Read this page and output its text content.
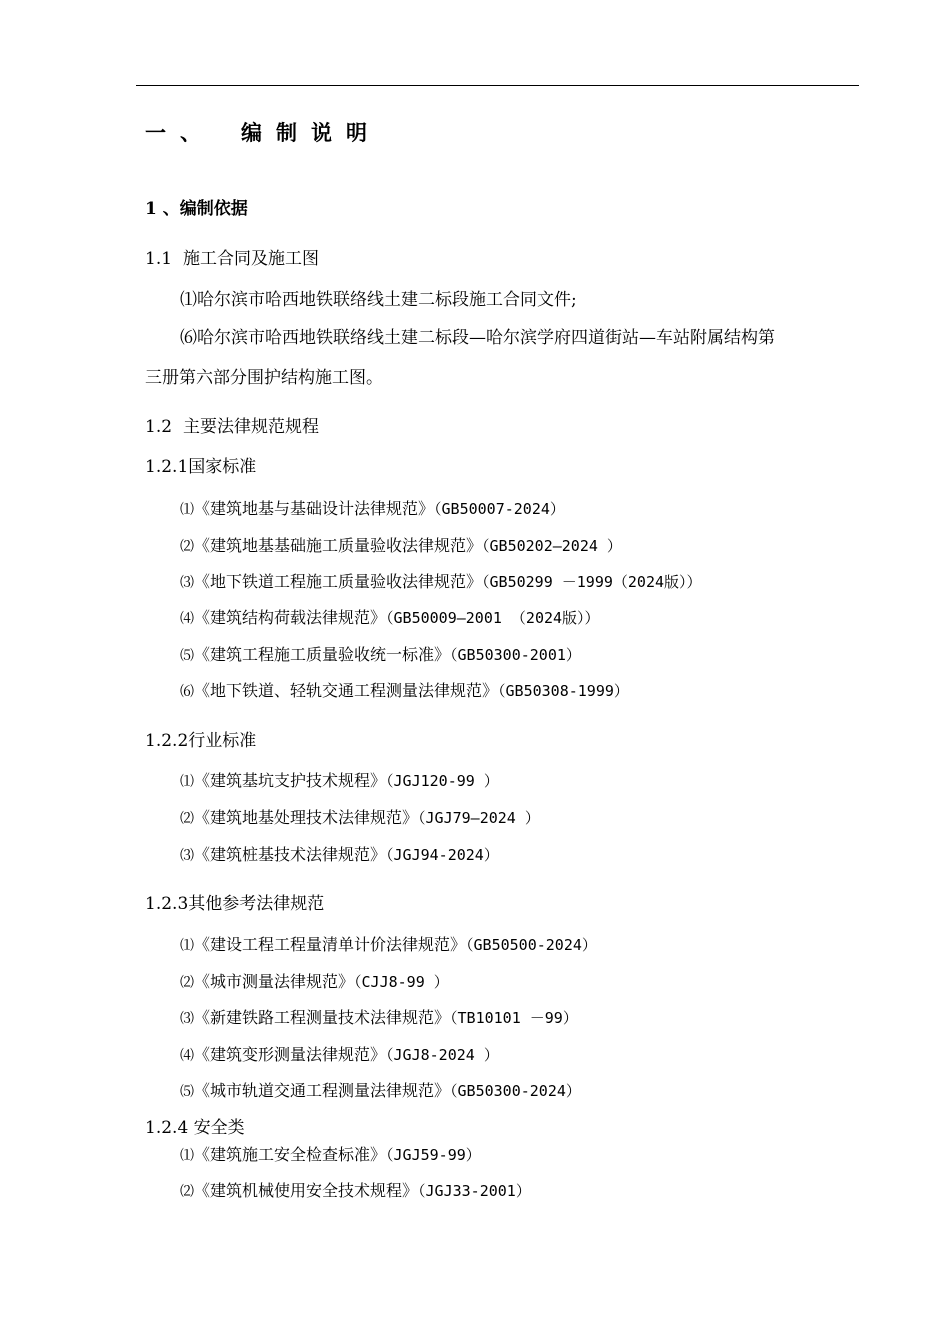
一、 编制说明
1 、编制依据
1.1 施工合同及施工图
⑴哈尔滨市哈西地铁联络线土建二标段施工合同文件;
⑹哈尔滨市哈西地铁联络线土建二标段—哈尔滨学府四道街站—车站附属结构第
三册第六部分围护结构施工图。
1.2 主要法律规范规程
1.2.1国家标准
⑴《建筑地基与基础设计法律规范》（GB50007-2024）
⑵《建筑地基基础施工质量验收法律规范》（GB50202—2024 ）
⑶《地下铁道工程施工质量验收法律规范》（GB50299 －1999（2024版））
⑷《建筑结构荷载法律规范》（GB50009—2001 （2024版））
⑸《建筑工程施工质量验收统一标准》（GB50300-2001）
⑹《地下铁道、轻轨交通工程测量法律规范》（GB50308-1999）
1.2.2行业标准
⑴《建筑基坑支护技术规程》（JGJ120-99 ）
⑵《建筑地基处理技术法律规范》（JGJ79—2024 ）
⑶《建筑桩基技术法律规范》（JGJ94-2024）
1.2.3其他参考法律规范
⑴《建设工程工程量清单计价法律规范》（GB50500-2024）
⑵《城市测量法律规范》（CJJ8-99 ）
⑶《新建铁路工程测量技术法律规范》（TB10101 －99）
⑷《建筑变形测量法律规范》（JGJ8-2024 ）
⑸《城市轨道交通工程测量法律规范》（GB50300-2024）
1.2.4 安全类
⑴《建筑施工安全检查标准》（JGJ59-99）
⑵《建筑机械使用安全技术规程》（JGJ33-2001）
